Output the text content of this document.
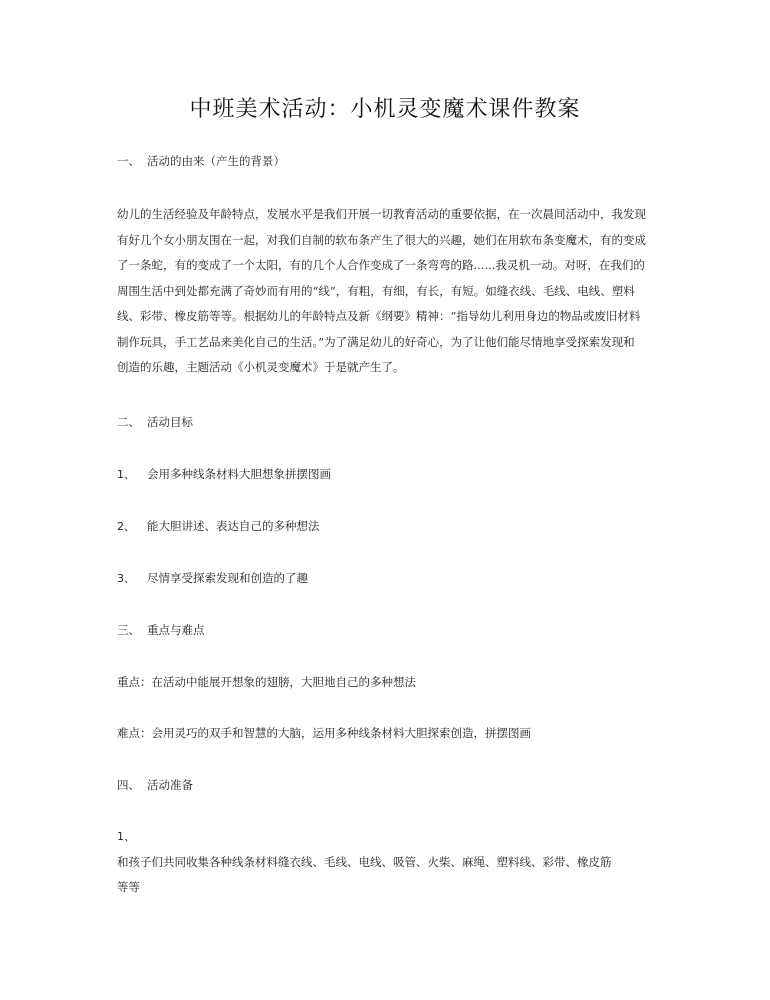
中班美术活动：小机灵变魔术课件教案
一、 活动的由来（产生的背景）
幼儿的生活经验及年龄特点，发展水平是我们开展一切教育活动的重要依据，在一次晨间活动中，我发现
有好几个女小朋友围在一起，对我们自制的软布条产生了很大的兴趣，她们在用软布条变魔术，有的变成
了一条蛇，有的变成了一个太阳，有的几个人合作变成了一条弯弯的路......我灵机一动。对呀，在我们的
周围生活中到处都充满了奇妙而有用的“线”，有粗，有细，有长，有短。如缝衣线、毛线、电线、塑料
线、彩带、橡皮筋等等。根据幼儿的年龄特点及新《纲要》精神：“指导幼儿利用身边的物品或废旧材料
制作玩具，手工艺品来美化自己的生活。”为了满足幼儿的好奇心，为了让他们能尽情地享受探索发现和
创造的乐趣，主题活动《小机灵变魔术》于是就产生了。
二、 活动目标
1、 会用多种线条材料大胆想象拼摆图画
2、 能大胆讲述、表达自己的多种想法
3、 尽情享受探索发现和创造的了趣
三、 重点与难点
重点：在活动中能展开想象的翅膀，大胆地自己的多种想法
难点：会用灵巧的双手和智慧的大脑，运用多种线条材料大胆探索创造，拼摆图画
四、 活动准备
1、
和孩子们共同收集各种线条材料缝衣线、毛线、电线、吸管、火柴、麻绳、塑料线、彩带、橡皮筋
等等
